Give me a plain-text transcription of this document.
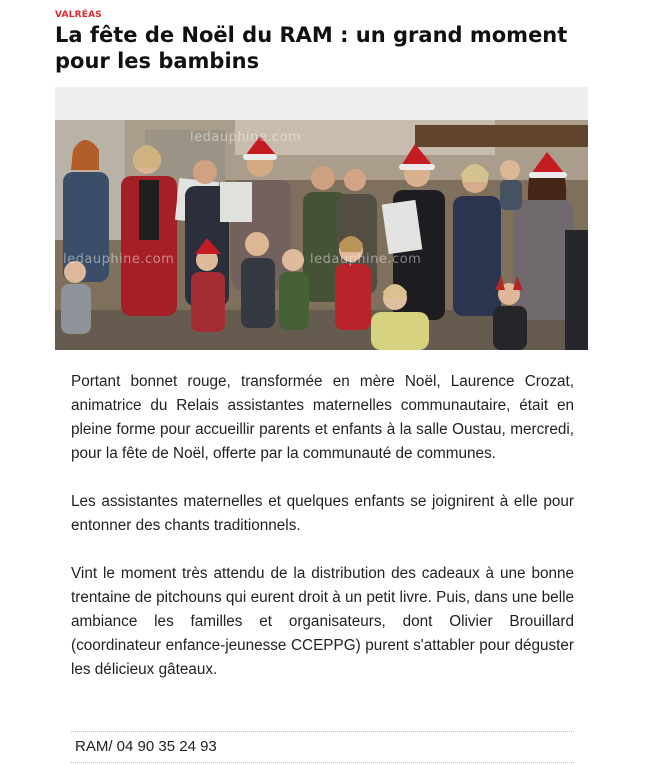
VALRÉAS
La fête de Noël du RAM : un grand moment pour les bambins
ledauphine.com
ledauphine.com	ledauphine.com

Portant bonnet rouge, transformée en mère Noël, Laurence Crozat, animatrice du Relais assistantes maternelles communautaire, était en pleine forme pour accueillir parents et enfants à la salle Oustau, mercredi, pour la fête de Noël, offerte par la communauté de communes.

Les assistantes maternelles et quelques enfants se joignirent à elle pour entonner des chants traditionnels.

Vint le moment très attendu de la distribution des cadeaux à une bonne trentaine de pitchouns qui eurent droit à un petit livre. Puis, dans une belle ambiance les familles et organisateurs, dont Olivier Brouillard (coordinateur enfance-jeunesse CCEPPG) purent s'attabler pour déguster les délicieux gâteaux.

RAM/ 04 90 35 24 93
